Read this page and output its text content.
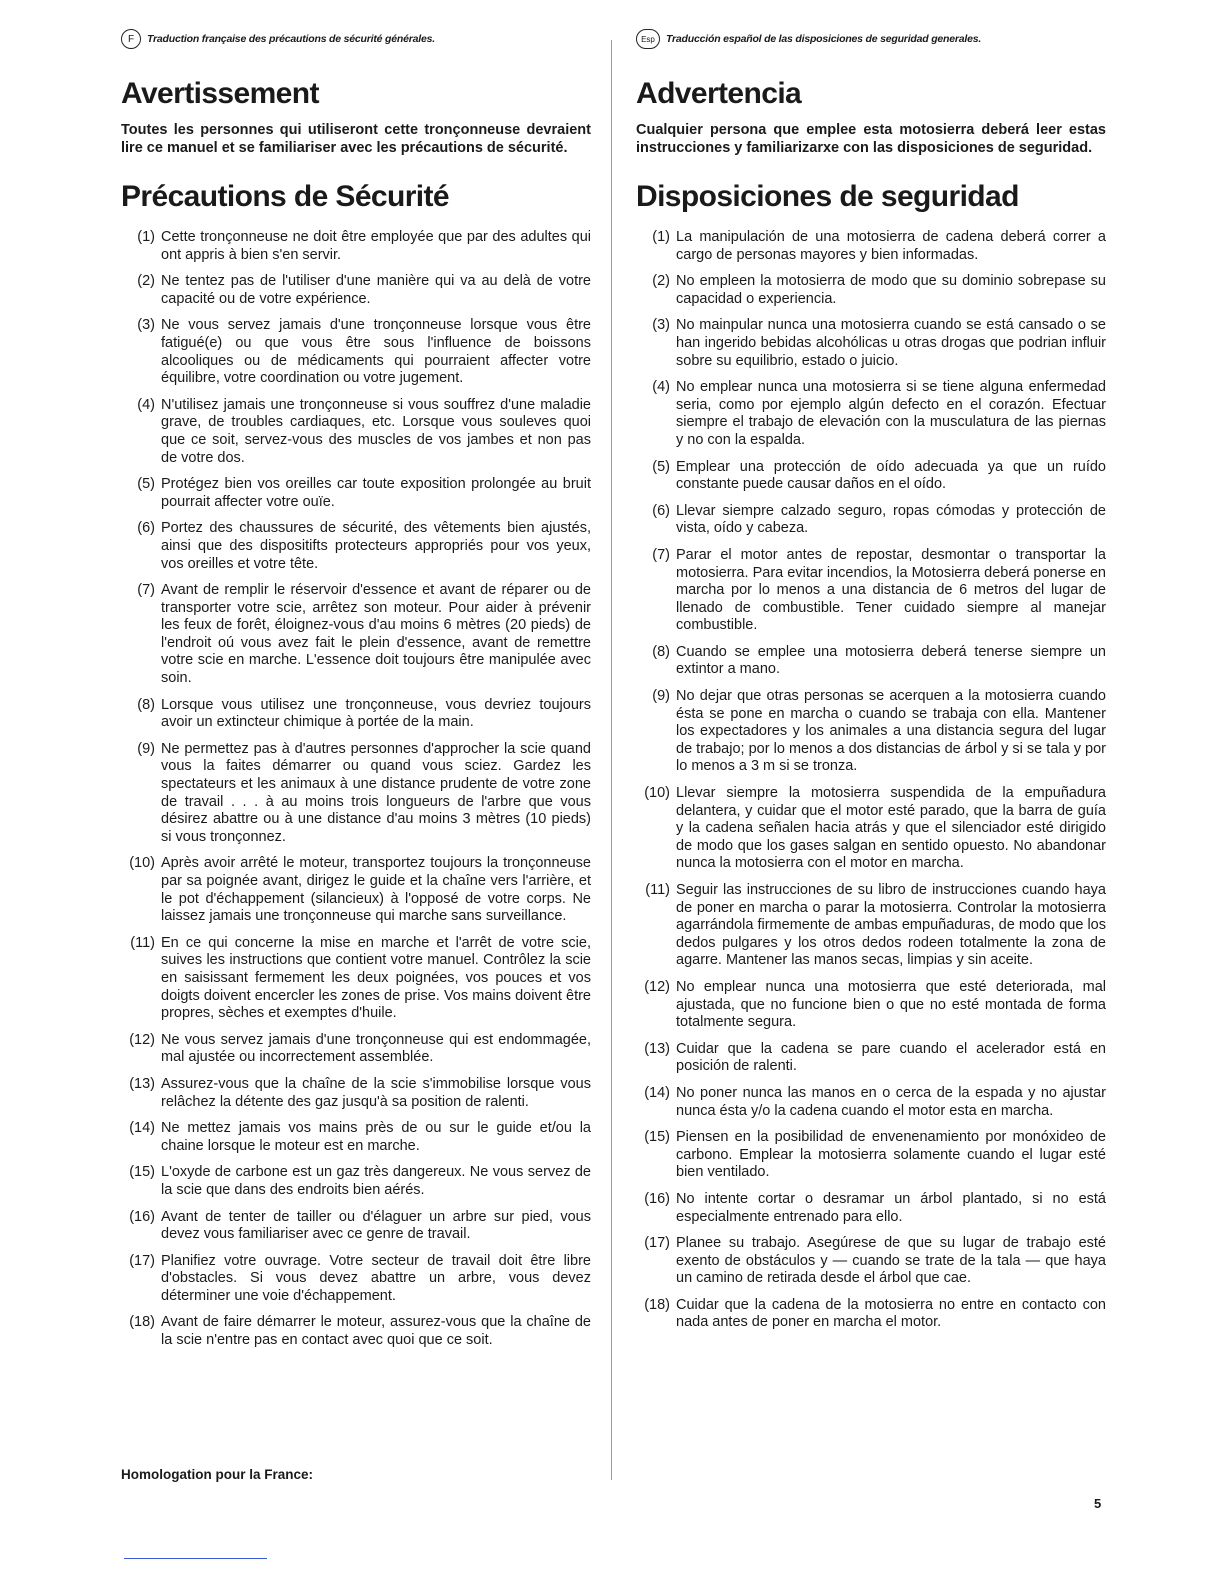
F	Traduction française des précautions de sécurité générales.
Avertissement

Toutes les personnes qui utiliseront cette tronçonneuse devraient lire ce manuel et se familiariser avec les précautions de sécurité.

Précautions de Sécurité
(1) Cette tronçonneuse ne doit être employée que par des adultes qui ont appris à bien s'en servir.
(2) Ne tentez pas de l'utiliser d'une manière qui va au delà de votre capacité ou de votre expérience.
(3) Ne vous servez jamais d'une tronçonneuse lorsque vous être fatigué(e) ou que vous être sous l'influence de boissons alcooliques ou de médicaments qui pourraient affecter votre équilibre, votre coordination ou votre jugement.
(4) N'utilisez jamais une tronçonneuse si vous souffrez d'une maladie grave, de troubles cardiaques, etc. Lorsque vous souleves quoi que ce soit, servez-vous des muscles de vos jambes et non pas de votre dos.
(5) Protégez bien vos oreilles car toute exposition prolongée au bruit pourrait affecter votre ouïe.
(6) Portez des chaussures de sécurité, des vêtements bien ajustés, ainsi que des dispositifts protecteurs appropriés pour vos yeux, vos oreilles et votre tête.
(7) Avant de remplir le réservoir d'essence et avant de réparer ou de transporter votre scie, arrêtez son moteur. Pour aider à prévenir les feux de forêt, éloignez-vous d'au moins 6 mètres (20 pieds) de l'endroit oú vous avez fait le plein d'essence, avant de remettre votre scie en marche. L'essence doit toujours être manipulée avec soin.
(8) Lorsque vous utilisez une tronçonneuse, vous devriez toujours avoir un extincteur chimique à portée de la main.
(9) Ne permettez pas à d'autres personnes d'approcher la scie quand vous la faites démarrer ou quand vous sciez. Gardez les spectateurs et les animaux à une distance prudente de votre zone de travail . . . à au moins trois longueurs de l'arbre que vous désirez abattre ou à une distance d'au moins 3 mètres (10 pieds) si vous tronçonnez.
(10) Après avoir arrêté le moteur, transportez toujours la tronçonneuse par sa poignée avant, dirigez le guide et la chaîne vers l'arrière, et le pot d'échappement (silancieux) à l'opposé de votre corps. Ne laissez jamais une tronçonneuse qui marche sans surveillance.
(11) En ce qui concerne la mise en marche et l'arrêt de votre scie, suives les instructions que contient votre manuel. Contrôlez la scie en saisissant fermement les deux poignées, vos pouces et vos doigts doivent encercler les zones de prise. Vos mains doivent être propres, sèches et exemptes d'huile.
(12) Ne vous servez jamais d'une tronçonneuse qui est endommagée, mal ajustée ou incorrectement assemblée.
(13) Assurez-vous que la chaîne de la scie s'immobilise lorsque vous relâchez la détente des gaz jusqu'à sa position de ralenti.
(14) Ne mettez jamais vos mains près de ou sur le guide et/ou la chaine lorsque le moteur est en marche.
(15) L'oxyde de carbone est un gaz très dangereux. Ne vous servez de la scie que dans des endroits bien aérés.
(16) Avant de tenter de tailler ou d'élaguer un arbre sur pied, vous devez vous familiariser avec ce genre de travail.
(17) Planifiez votre ouvrage. Votre secteur de travail doit être libre d'obstacles. Si vous devez abattre un arbre, vous devez déterminer une voie d'échappement.
(18) Avant de faire démarrer le moteur, assurez-vous que la chaîne de la scie n'entre pas en contact avec quoi que ce soit.
Esp	Traducción español de las disposiciones de seguridad generales.
Advertencia

Cualquier persona que emplee esta motosierra deberá leer estas instrucciones y familiarizarxe con las disposiciones de seguridad.

Disposiciones de seguridad
(1) La manipulación de una motosierra de cadena deberá correr a cargo de personas mayores y bien informadas.
(2) No empleen la motosierra de modo que su dominio sobrepase su capacidad o experiencia.
(3) No mainpular nunca una motosierra cuando se está cansado o se han ingerido bebidas alcohólicas u otras drogas que podrian influir sobre su equilibrio, estado o juicio.
(4) No emplear nunca una motosierra si se tiene alguna enfermedad seria, como por ejemplo algún defecto en el corazón. Efectuar siempre el trabajo de elevación con la musculatura de las piernas y no con la espalda.
(5) Emplear una protección de oído adecuada ya que un ruído constante puede causar daños en el oído.
(6) Llevar siempre calzado seguro, ropas cómodas y protección de vista, oído y cabeza.
(7) Parar el motor antes de repostar, desmontar o transportar la motosierra. Para evitar incendios, la Motosierra deberá ponerse en marcha por lo menos a una distancia de 6 metros del lugar de llenado de combustible. Tener cuidado siempre al manejar combustible.
(8) Cuando se emplee una motosierra deberá tenerse siempre un extintor a mano.
(9) No dejar que otras personas se acerquen a la motosierra cuando ésta se pone en marcha o cuando se trabaja con ella. Mantener los expectadores y los animales a una distancia segura del lugar de trabajo; por lo menos a dos distancias de árbol y si se tala y por lo menos a 3 m si se tronza.
(10) Llevar siempre la motosierra suspendida de la empuñadura delantera, y cuidar que el motor esté parado, que la barra de guía y la cadena señalen hacia atrás y que el silenciador esté dirigido de modo que los gases salgan en sentido opuesto. No abandonar nunca la motosierra con el motor en marcha.
(11) Seguir las instrucciones de su libro de instrucciones cuando haya de poner en marcha o parar la motosierra. Controlar la motosierra agarrándola firmemente de ambas empuñaduras, de modo que los dedos pulgares y los otros dedos rodeen totalmente la zona de agarre. Mantener las manos secas, limpias y sin aceite.
(12) No emplear nunca una motosierra que esté deteriorada, mal ajustada, que no funcione bien o que no esté montada de forma totalmente segura.
(13) Cuidar que la cadena se pare cuando el acelerador está en posición de ralenti.
(14) No poner nunca las manos en o cerca de la espada y no ajustar nunca ésta y/o la cadena cuando el motor esta en marcha.
(15) Piensen en la posibilidad de envenenamiento por monóxideo de carbono. Emplear la motosierra solamente cuando el lugar esté bien ventilado.
(16) No intente cortar o desramar un árbol plantado, si no está especialmente entrenado para ello.
(17) Planee su trabajo. Asegúrese de que su lugar de trabajo esté exento de obstáculos y — cuando se trate de la tala — que haya un camino de retirada desde el árbol que cae.
(18) Cuidar que la cadena de la motosierra no entre en contacto con nada antes de poner en marcha el motor.
Homologation pour la France:
5
